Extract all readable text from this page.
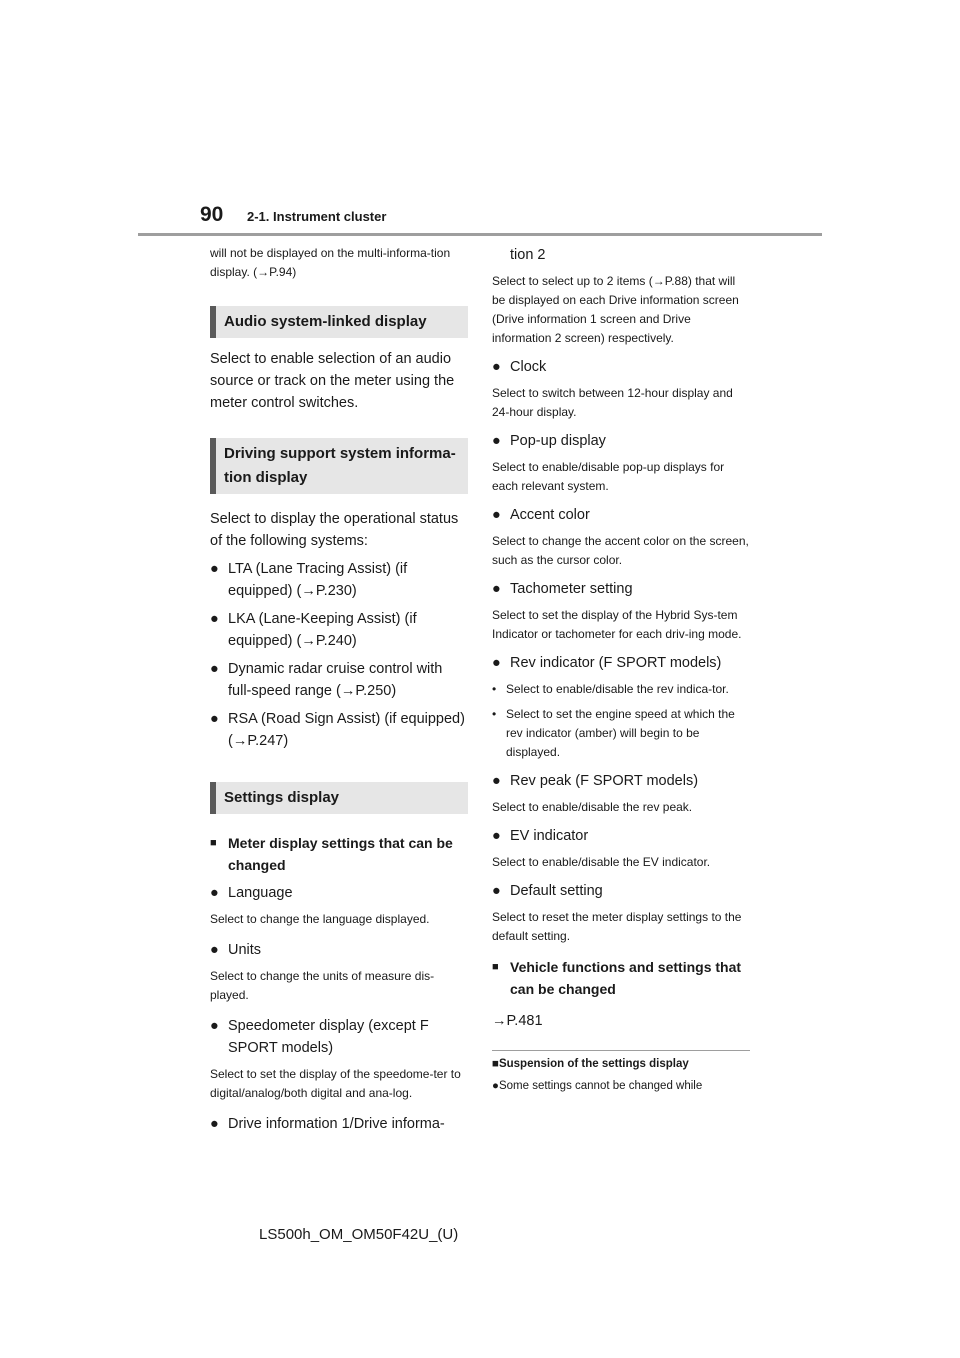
90 2-1. Instrument cluster

will not be displayed on the multi-informa-tion display. (→P.94)

Audio system-linked display

Select to enable selection of an audio source or track on the meter using the meter control switches.

Driving support system informa-tion display

Select to display the operational status of the following systems:

● LTA (Lane Tracing Assist) (if equipped) (→P.230)

● LKA (Lane-Keeping Assist) (if equipped) (→P.240)

● Dynamic radar cruise control with full-speed range (→P.250)

● RSA (Road Sign Assist) (if equipped) (→P.247)

Settings display

■ Meter display settings that can be changed

● Language

Select to change the language displayed.

● Units

Select to change the units of measure dis-played.

● Speedometer display (except F SPORT models)

Select to set the display of the speedome-ter to digital/analog/both digital and ana-log.

● Drive information 1/Drive informa-

tion 2

Select to select up to 2 items (→P.88) that will be displayed on each Drive information screen (Drive information 1 screen and Drive information 2 screen) respectively.

● Clock

Select to switch between 12-hour display and 24-hour display.

● Pop-up display

Select to enable/disable pop-up displays for each relevant system.

● Accent color

Select to change the accent color on the screen, such as the cursor color.

● Tachometer setting

Select to set the display of the Hybrid Sys-tem Indicator or tachometer for each driv-ing mode.

● Rev indicator (F SPORT models)

• Select to enable/disable the rev indica-tor.

• Select to set the engine speed at which the rev indicator (amber) will begin to be displayed.

● Rev peak (F SPORT models)

Select to enable/disable the rev peak.

● EV indicator

Select to enable/disable the EV indicator.

● Default setting

Select to reset the meter display settings to the default setting.

■ Vehicle functions and settings that can be changed

→P.481

■Suspension of the settings display

●Some settings cannot be changed while

LS500h_OM_OM50F42U_(U)
